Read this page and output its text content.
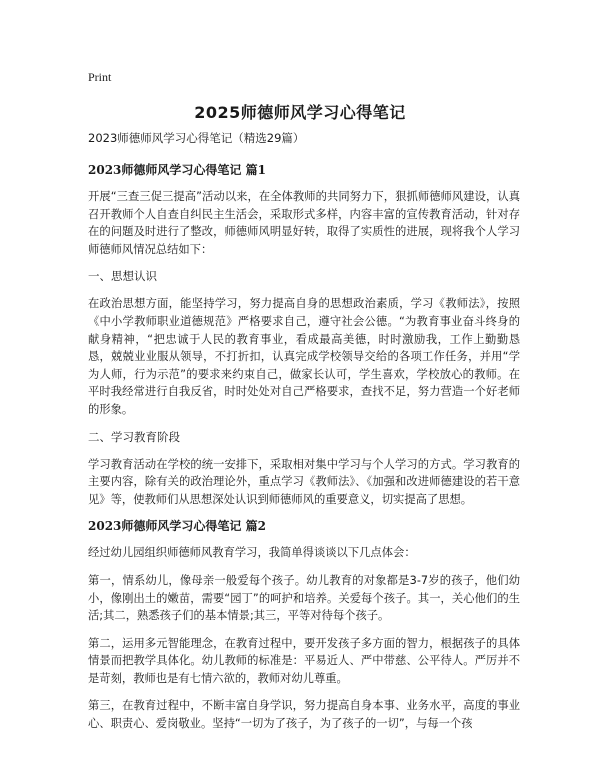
Print
2025师德师风学习心得笔记

2023师德师风学习心得笔记（精选29篇）

2023师德师风学习心得笔记 篇1

开展“三查三促三提高”活动以来，在全体教师的共同努力下，狠抓师德师风建设，认真召开教师个人自查自纠民主生活会，采取形式多样，内容丰富的宣传教育活动，针对存在的问题及时进行了整改，师德师风明显好转，取得了实质性的进展，现将我个人学习师德师风情况总结如下：

一、思想认识

在政治思想方面，能坚持学习，努力提高自身的思想政治素质，学习《教师法》，按照《中小学教师职业道德规范》严格要求自己，遵守社会公德。“为教育事业奋斗终身的献身精神，“把忠诚于人民的教育事业，看成最高美德，时时激励我，工作上勤勤恳恳，兢兢业业服从领导，不打折扣，认真完成学校领导交给的各项工作任务，并用“学为人师，行为示范”的要求来约束自己，做家长认可，学生喜欢，学校放心的教师。在平时我经常进行自我反省，时时处处对自己严格要求，查找不足，努力营造一个好老师的形象。

二、学习教育阶段

学习教育活动在学校的统一安排下，采取相对集中学习与个人学习的方式。学习教育的主要内容，除有关的政治理论外，重点学习《教师法》、《加强和改进师德建设的若干意见》等，使教师们从思想深处认识到师德师风的重要意义，切实提高了思想。

2023师德师风学习心得笔记 篇2

经过幼儿园组织师德师风教育学习，我简单得谈谈以下几点体会：

第一，情系幼儿，像母亲一般爱每个孩子。幼儿教育的对象都是3-7岁的孩子，他们幼小，像刚出土的嫩苗，需要“园丁”的呵护和培养。关爱每个孩子。其一，关心他们的生活;其二，熟悉孩子们的基本情景;其三，平等对待每个孩子。

第二，运用多元智能理念，在教育过程中，要开发孩子多方面的智力，根据孩子的具体情景而把教学具体化。幼儿教师的标准是：平易近人、严中带慈、公平待人。严厉并不是苛刻，教师也是有七情六欲的，教师对幼儿尊重。

第三，在教育过程中，不断丰富自身学识，努力提高自身本事、业务水平，高度的事业心、职责心、爱岗敬业。坚持“一切为了孩子，为了孩子的一切”，与每一个孩
